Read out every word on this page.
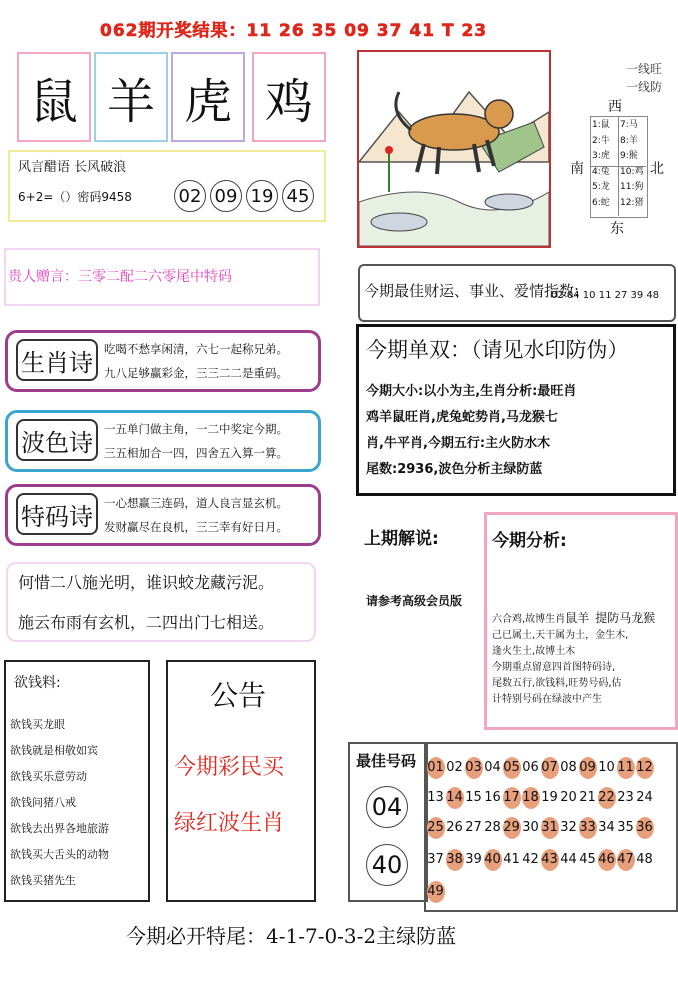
062期开奖结果：11 26 35 09 37 41 T 23
鼠 羊 虎 鸡
风言醋语 长风破浪
6+2=（）密码9458	02 09 19 45
贵人赠言：三零二配二六零尾中特码
生肖诗 吃喝不愁享闲清，六七一起称兄弟。
九八足够赢彩金，三三二二是重码。
波色诗 一五单门做主角，一二中奖定今期。
三五相加合一四，四舍五入算一算。
特码诗 一心想赢三连码，道人良言显玄机。
发财赢尽在良机，三三幸有好日月。
何惜二八施光明，谁识蛟龙藏污泥。
施云布雨有玄机，二四出门七相送。
欲钱料:
欲钱买龙眼
欲钱就是相敬如宾
欲钱买乐意劳动
欲钱问猪八戒
欲钱去出界各地旅游
欲钱买大舌头的动物
欲钱买猪先生
公告
今期彩民买
绿红波生肖
一线旺
一线防
西
南	北
东
1:鼠
2:牛
3:虎
4:兔
5:龙
6:蛇
7:马
8:羊
9:猴
10:鸡
11:狗
12:猪
今期最佳财运、事业、爱情指数:
02 04 10 11 27 39 48
今期单双：（请见水印防伪）
今期大小:以小为主,生肖分析:最旺肖
鸡羊鼠旺肖,虎兔蛇势肖,马龙猴七
肖,牛平肖,今期五行:主火防水木
尾数:2936,波色分析主绿防蓝
上期解说:
请参考高级会员版
今期分析:
六合鸡,故博生肖鼠羊 提防马龙猴
己已属土,天干属为土，金生木,
逢火生土,故博土木
今期重点留意四首图特码诗,
尾数五行,欲钱料,旺势号码,估
计特别号码在绿波中产生
最佳号码
04
40
01 02 03 04 05 06 07 08 09 10 11 12
13 14 15 16 17 18 19 20 21 22 23 24
25 26 27 28 29 30 31 32 33 34 35 36
37 38 39 40 41 42 43 44 45 46 47 48
49
今期必开特尾：4-1-7-0-3-2主绿防蓝
